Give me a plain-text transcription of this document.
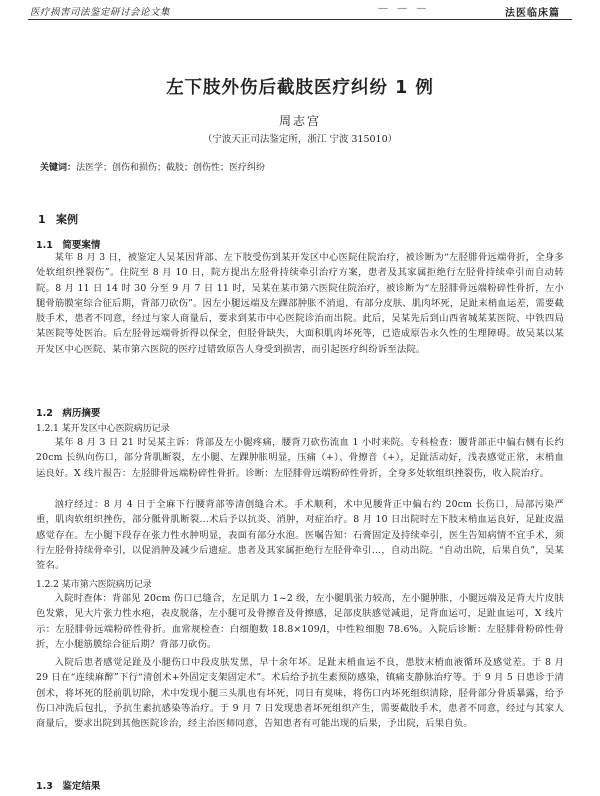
医疗损害司法鉴定研讨会论文集	— — —	法医临床篇
左下肢外伤后截肢医疗纠纷 1 例
周志宫
（宁波天正司法鉴定所，浙江 宁波 315010）
关键词：法医学；创伤和损伤；截肢；创伤性；医疗纠纷
1 案例
1.1　简要案情

某年 8 月 3 日，被鉴定人吴某因背部、左下肢受伤到某开发区中心医院住院治疗，被诊断为“左胫腓骨远端骨折，全身多处软组织挫裂伤”。住院至 8 月 10 日，院方提出左胫骨持续牵引治疗方案，患者及其家属拒绝行左胫骨持续牵引而自动转院。8 月 11 日 14 时 30 分至 9 月 7 日 11 时，吴某在某市第六医院住院治疗，被诊断为“左胫腓骨远端粉碎性骨折，左小腿骨筋膜室综合征后期，背部刀砍伤”。因左小腿远端及左踝部肿胀不消退，有部分皮肤、肌肉坏死，足趾末梢血运差，需要截肢手术，患者不同意，经过与家人商量后，要求到某市中心医院诊治而出院。此后，吴某先后到山西省城某某医院、中铁四局某医院等处医治。后左胫骨远端骨折得以保全，但胫骨缺失，大面积肌肉坏死等，已造成原告永久性的生理障碍。故吴某以某开发区中心医院、某市第六医院的医疗过错致原告人身受到损害，而引起医疗纠纷诉至法院。

1.2　病历摘要
1.2.1 某开发区中心医院病历记录

某年 8 月 3 日 21 时吴某主诉：背部及左小腿疼痛，腰背刀砍伤流血 1 小时来院。专科检查：腰背部正中偏右侧有长约 20cm 长纵向伤口，部分背肌断裂，左小腿、左踝肿胀明显，压痛（+）、骨擦音（+），足趾活动好，浅表感觉正常，末梢血运良好。X 线片报告：左胫腓骨远端粉碎性骨折。诊断：左胫腓骨远端粉碎性骨折，全身多处软组织挫裂伤，收入院治疗。

汹疗经过：8 月 4 日于全麻下行腰背部等清创缝合术。手术顺利，术中见腰背正中偏右约 20cm 长伤口，局部污染严重，肌肉软组织挫伤，部分骶骨肌断裂…术后予以抗炎、消肿，对症治疗。8 月 10 日出院时左下肢末梢血运良好，足趾皮温感觉存在。左小腿下段存在张力性水肿明显，表面有部分水泡。医嘱告知：石膏固定及持续牵引，医生告知病情不宜手术，须行左胫骨持续骨牵引，以促消肿及减少后遗症。患者及其家属拒绝行左胫骨牵引…，自动出院。“自动出院，后果自负”，吴某签名。

1.2.2 某市第六医院病历记录

入院时查体：背部见 20cm 伤口已缝合，左足肌力 1~2 级，左小腿肌张力较高，左小腿肿胀，小腿远端及足背大片皮肤色发紫，见大片张力性水疱，表皮脱落，左小腿可及骨擦音及骨擦感，足部皮肤感觉减退，足背血运可，足趾血运可，X 线片示：左胫腓骨远端粉碎性骨折。血常规检查：白细胞数 18.8×109/l，中性粒细胞 78.6%。入院后诊断：左胫腓骨粉碎性骨折，左小腿筋膜综合征后期？背部刀砍伤。

入院后患者感觉足趾及小腿伤口中段皮肤发黑，早十余年坏。足趾末梢血运不良，患肢末梢血液循环及感觉差。于 8 月 29 日在“连续麻醉”下行“清创术+外固定支架固定术”。术后给予抗生素预防感染，镇痛支静脉治疗等。于 9 月 5 日患诊于清创术，将坏死的胫前肌切除，术中发现小腿三头肌也有坏死，同日有臭味，将伤口内坏死组织清除，胫骨部分骨质暴露，给予伤口冲洗后包扎，予抗生素抗感染等治疗。于 9 月 7 日发现患者坏死组织产生，需要截肢手术，患者不同意，经过与其家人商量后，要求出院到其他医院诊治，经主治医师同意，告知患者有可能出现的后果，予出院，后果自负。

1.3　鉴定结果
